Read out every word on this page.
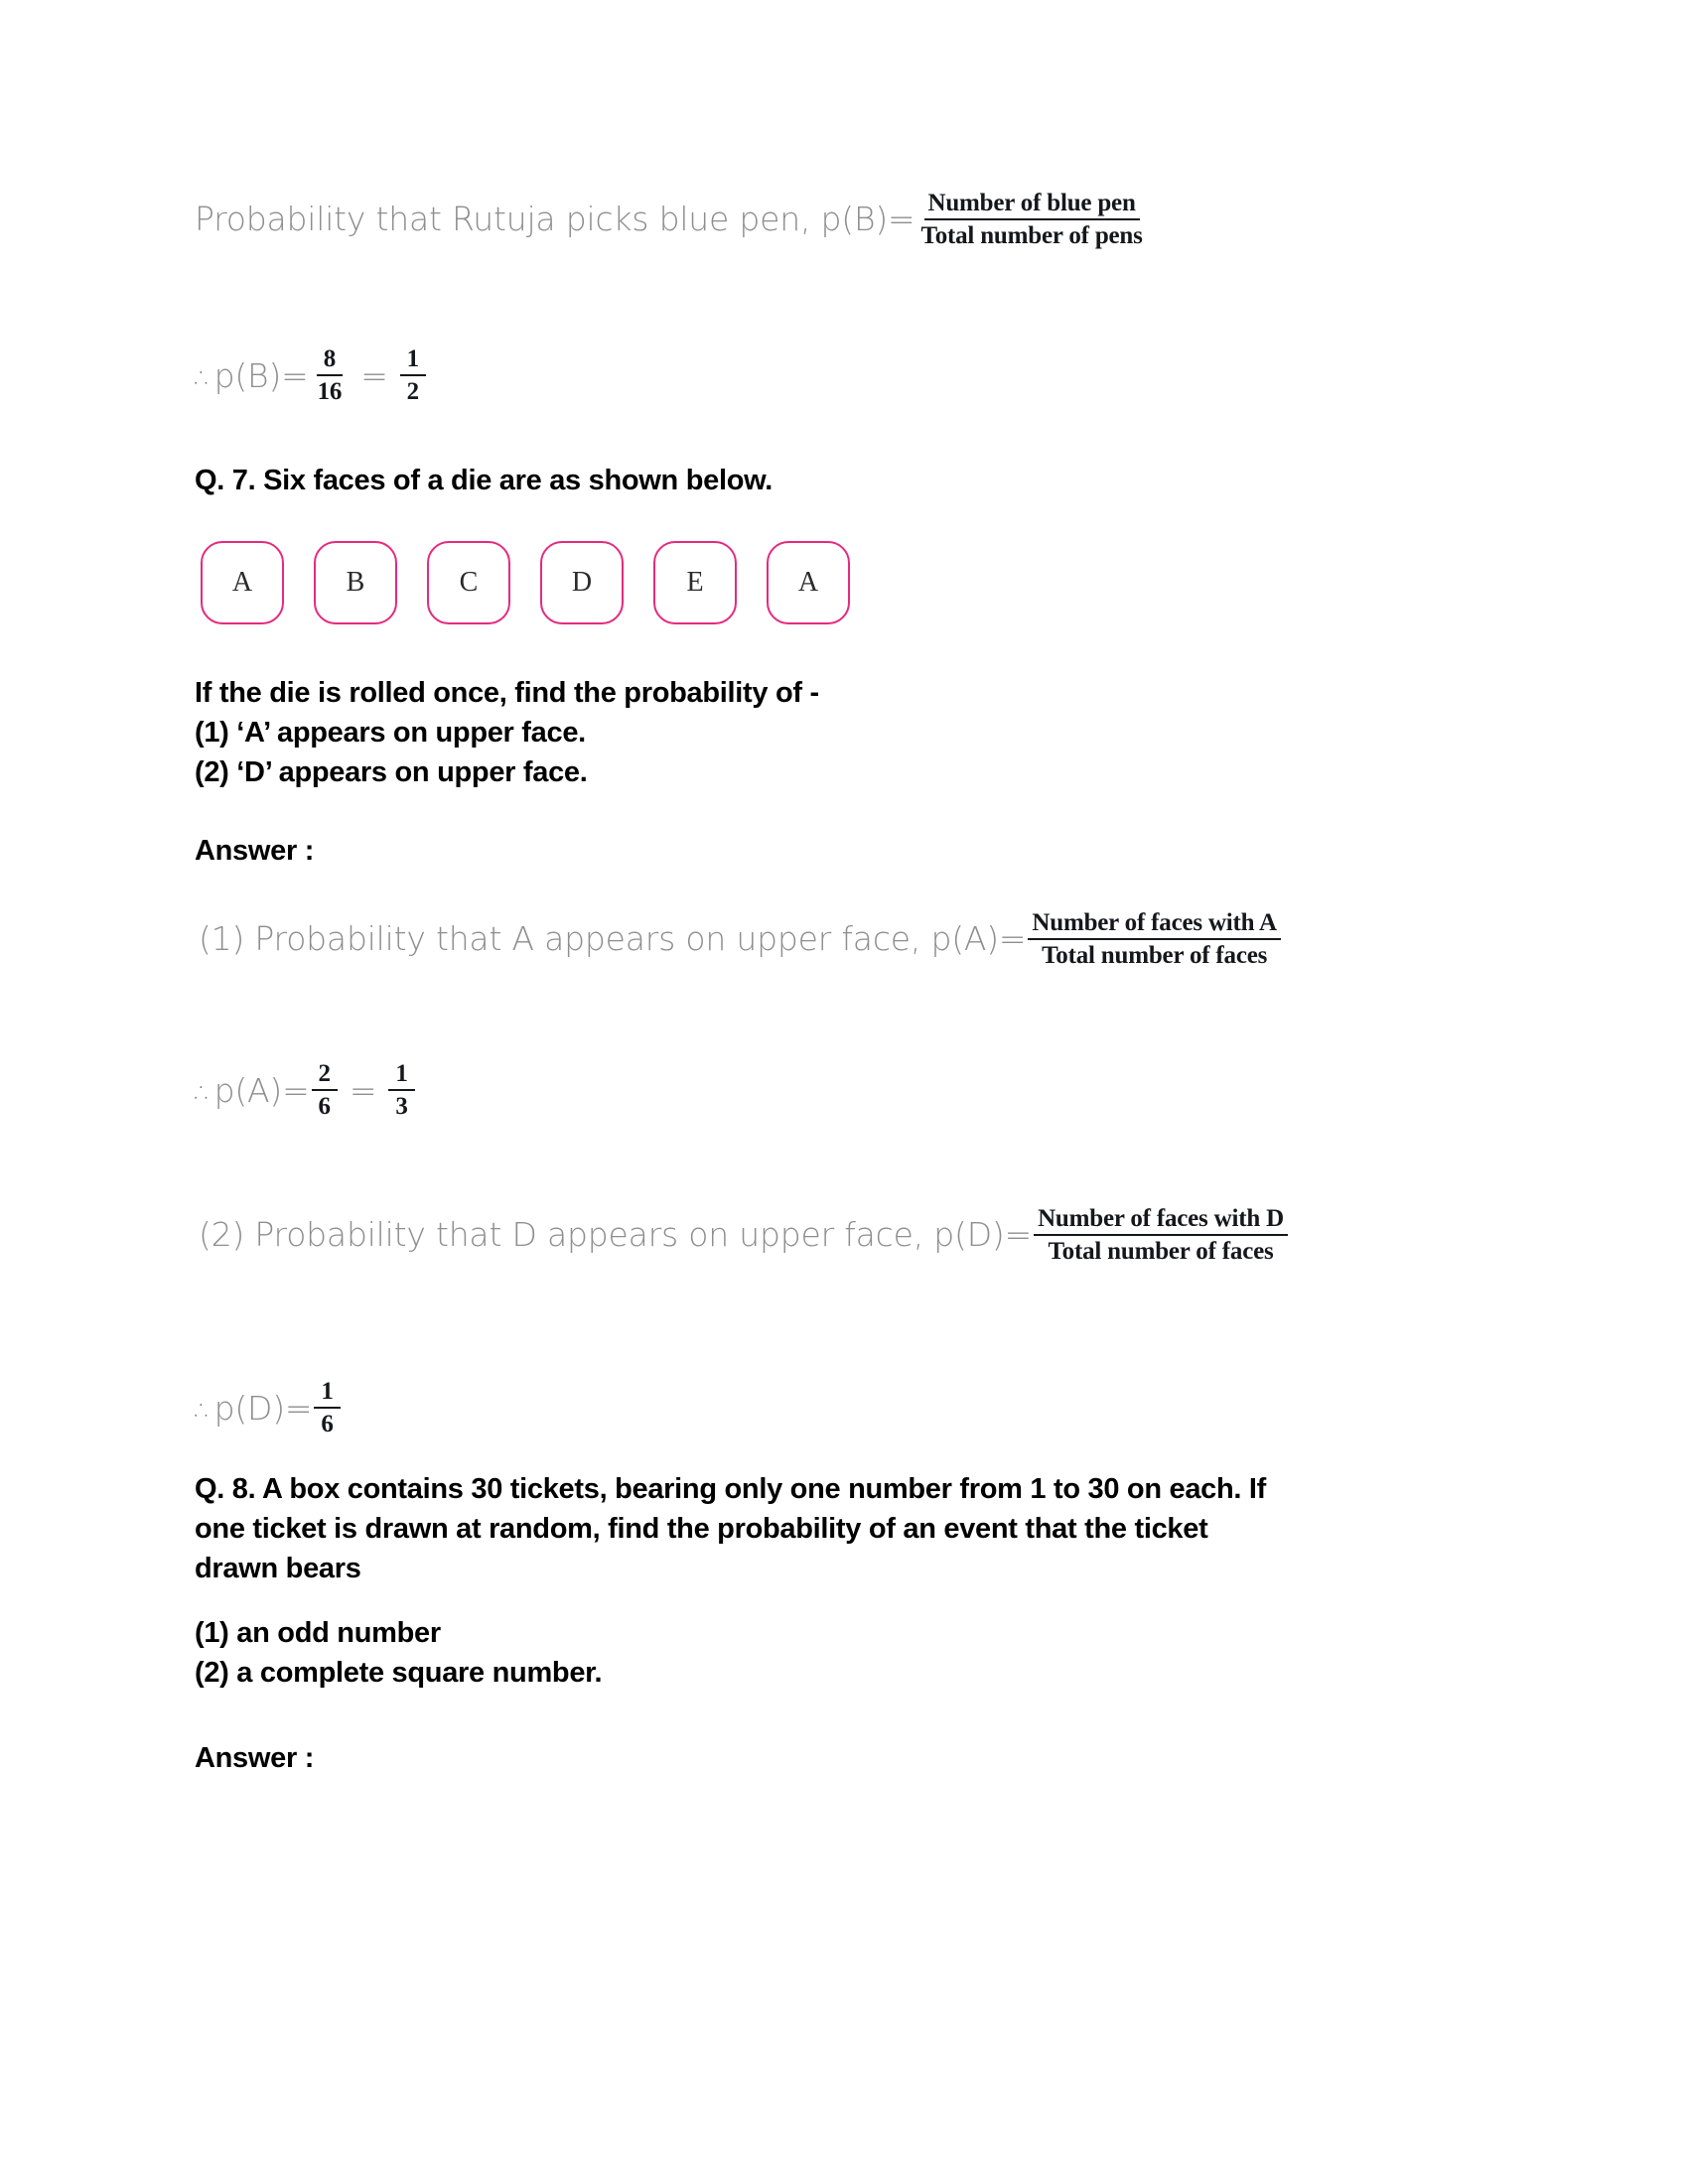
Probability that Rutuja picks blue pen, $p(B)= \frac{\text{Number of blue pen}}{\text{Total number of pens}}$
∴ $p(B)= \frac{8}{16} = \frac{1}{2}$
Q. 7. Six faces of a die are as shown below.
A	B	C	D	E	A
If the die is rolled once, find the probability of -
(1) ‘A’ appears on upper face.
(2) ‘D’ appears on upper face.
Answer :
(1) Probability that A appears on upper face, $p(A)= \frac{\text{Number of faces with A}}{\text{Total number of faces}}$
∴ $p(A)= \frac{2}{6} = \frac{1}{3}$
(2) Probability that D appears on upper face, $p(D)= \frac{\text{Number of faces with D}}{\text{Total number of faces}}$
∴ $p(D)= \frac{1}{6}$
Q. 8. A box contains 30 tickets, bearing only one number from 1 to 30 on each. If
one ticket is drawn at random, find the probability of an event that the ticket
drawn bears
(1) an odd number
(2) a complete square number.
Answer :
